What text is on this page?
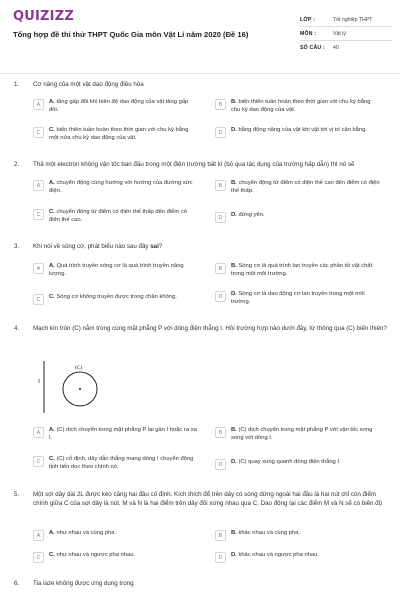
QUIZIZZ
Tổng hợp đề thi thử THPT Quốc Gia môn Vật Lí năm 2020 (Đề 16)
LỚP :	Tốt nghiệp THPT
MÔN :	Vật lý
SỐ CÂU :	40
1. Cơ năng của một vật dao động điều hòa
A	A. tăng gấp đôi khi biên độ dao động của vật tăng gấp đôi.
B	B. biến thiên tuần hoàn theo thời gian với chu kỳ bằng chu kỳ dao động của vật.
C	C. biến thiên tuần hoàn theo thời gian với chu kỳ bằng một nửa chu kỳ dao động của vật.
D	D. bằng động năng của vật khi vật tới vị trí cân bằng.
2. Thả một electron không vận tốc ban đầu trong một điện trường bất kì (bỏ qua tác dụng của trường hấp dẫn) thì nó sẽ
A	A. chuyển động cùng hướng với hướng của đường sức điện.
B	B. chuyển động từ điểm có điện thế cao đến điểm có điện thế thấp.
C	C. chuyển động từ điểm có điện thế thấp đến điểm có điện thế cao.	D	D. đứng yên.
3. Khi nói về sóng cơ, phát biểu nào sau đây sai?
A	A. Quá trình truyền sóng cơ là quá trình truyền năng lượng.
B	B. Sóng cơ là quá trình lan truyền các phần tử vật chất trong một môi trường.
C	C. Sóng cơ không truyền được trong chân không.	D	D. Sóng cơ là dao động cơ lan truyền trong một môi trường.
4. Mạch kín tròn (C) nằm trong cùng mặt phẳng P với dòng điện thẳng I. Hỏi trường hợp nào dưới đây, từ thông qua (C) biến thiên?
I
(C)
A	A. (C) dịch chuyển trong mặt phẳng P lại gần I hoặc ra xa I.
B	B. (C) dịch chuyển trong mặt phẳng P với vận tốc song song với dòng I.
C	C. (C) cố định, dây dẫn thẳng mang dòng I chuyển động tịnh tiến dọc theo chính nó.	D	D. (C) quay xung quanh dòng điện thẳng I.
5. Một sợi dây dài 2L được kéo căng hai đầu cố định. Kích thích để trên dây có sóng dừng ngoài hai đầu là hai nút chỉ còn điểm chính giữa C của sợi dây là nút. M và N là hai điểm trên dây đối xứng nhau qua C. Dao động tại các điểm M và N sẽ có biên độ
A	A. như nhau và cùng pha.	B	B. khác nhau và cùng pha.
C	C. như nhau và ngược pha nhau.	D	D. khác nhau và ngược pha nhau.
6. Tia laze không được ứng dụng trong
